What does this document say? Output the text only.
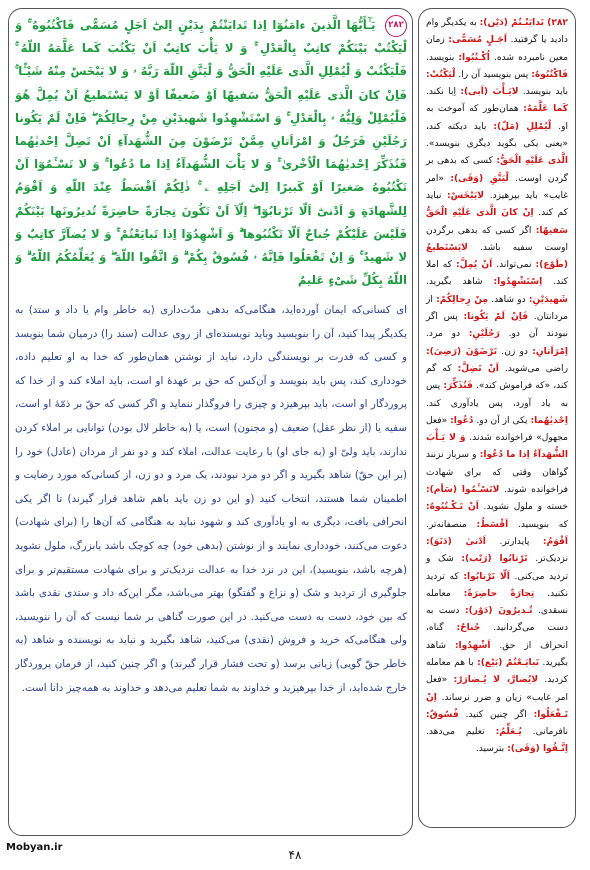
۲۸۲ یَـٰٓأَیُّهَا الَّذینَ ءامَنُوٓا اِذا تَدایَنْتُمْ بِدَیْنٍ اِلیٰٓ اَجَلٍ مُسَمًّی فَاکْتُبُوهُ ۚ وَ لْیَکْتُبْ بَیْنَکُمْ کاتِبٌ بِالْعَدْلِ ۚ وَ لا یَأْبَ کاتِبٌ اَنْ یَکْتُبَ کَما عَلَّمَهُ اللّهُ ۚ فَلْیَکْتُبْ وَ لْیُمْلِلِ الَّذی عَلَیْهِ الْحَقُّ وَ لْیَتَّقِ اللّهَ رَبَّهُ ۥ وَ لا یَبْخَسْ مِنْهُ شَیْـًٔا ۚ فَاِنْ کانَ الَّذی عَلَیْهِ الْحَقُّ سَفیهًا اَوْ ضَعیفًا اَوْ لا یَسْتَطیعُ اَنْ یُمِلَّ هُوَ فَلْیُمْلِلْ وَلِیُّهُ ۥ بِالْعَدْلِ ۚ وَ اسْتَشْهِدُوا شَهیدَیْنِ مِنْ رِجالِکُمْ ۖ فَاِنْ لَمْ یَکُونا رَجُلَیْنِ فَرَجُلٌ وَ امْرَاَتانِ مِمَّنْ تَرْضَوْنَ مِنَ الشُّهَدآءِ اَنْ تَضِلَّ اِحْدیٰهُما فَتُذَکِّرَ اِحْدیٰهُمَا الْاُخْریٰ ۚ وَ لا یَأْبَ الشُّهَدآءُ اِذا ما دُعُوا ۚ وَ لا تَسْـَٔمُوٓا اَنْ تَکْتُبُوهُ صَغیرًا اَوْ کَبیرًا اِلیٰٓ اَجَلِهِ ۦ ۚ ذٰلِکُمْ اَقْسَطُ عِنْدَ اللّهِ وَ اَقْوَمُ لِلشَّهادَةِ وَ اَدْنیٰٓ اَلّا تَرْتابُوٓا ۖ اِلّآ اَنْ تَکُونَ تِجارَةً حاضِرَةً تُدیرُونَها بَیْنَکُمْ فَلَیْسَ عَلَیْکُمْ جُناحٌ اَلّا تَکْتُبُوها ۗ وَ اَشْهِدُوٓا اِذا تَبایَعْتُمْ ۚ وَ لا یُضآرَّ کاتِبٌ وَ لا شَهیدٌ ۚ وَ اِنْ تَفْعَلُوا فَاِنَّهُ ۥ فُسُوقٌ بِکُمْ ۗ وَ اتَّقُوا اللّهَ ۖ وَ یُعَلِّمُکُمُ اللّهُ ۗ وَ اللّهُ بِکُلِّ شَیْءٍ عَلیمٌ
ای کسانی‌که ایمان آورده‌اید، هنگامی‌که بدهی مدّت‌داری (به خاطر وام یا داد و ستد) به یکدیگر پیدا کنید، آن را بنویسید وباید نویسنده‌ای از روی عدالت (سند را) درمیان شما بنویسد و کسی که قدرت بر نویسندگی دارد، نباید از نوشتن همان‌طور که خدا به او تعلیم داده، خودداری کند، پس باید بنویسد و آن‌کس که حق بر عهدهٔ او است، باید املاء کند و از خدا که پروردگار او است، باید بپرهیزد و چیزی را فروگذار ننماید و اگر کسی که حقّ بر ذمّهٔ او است، سفیه یا (از نظر عقل) ضعیف (و مجنون) است، یا (به خاطر لال بودن) توانایی بر املاء کردن ندارند، باید ولیّ او (به جای او) با رعایت عدالت، املاء کند و دو نفر از مردان (عادل) خود را (بر این حقّ) شاهد بگیرید و اگر دو مرد نبودند، یک مرد و دو زن، از کسانی‌که مورد رضایت و اطمینان شما هستند، انتخاب کنید (و این دو زن باید باهم شاهد قرار گیرند) تا اگر یکی انحرافی یافت، دیگری به او یادآوری کند و شهود نباید به هنگامی که آن‌ها را (برای شهادت) دعوت می‌کنند، خودداری نمایند و از نوشتن (بدهی خود) چه کوچک باشد یابزرگ، ملول نشوید (هرچه باشد، بنویسید)، این در نزد خدا به عدالت نزدیک‌تر و برای شهادت مستقیم‌تر و برای جلوگیری از تردید و شک (و نزاع و گفتگو) بهتر می‌باشد، مگر این‌که داد و ستدی نقدی باشد که بین خود، دست به دست می‌کنید. در این صورت گناهی بر شما نیست که آن را ننویسید، ولی هنگامی‌که خرید و فروش (نقدی) می‌کنید، شاهد بگیرید و نباید به نویسنده و شاهد (به خاطر حقّ گویی) زیانی برسد (و تحت فشار قرار گیرند) و اگر چنین کنید، از فرمان پروردگار خارج شده‌اید، از خدا بپرهیزید و خداوند به شما تعلیم می‌دهد و خداوند به همه‌چیز دانا است.
۲۸۲) تَدایَنْـتُمْ (دَیْن): به یکدیگر وام دادید یا گرفتید. اَجَـلٍ مُسَمًّی: زمان معین نامبرده شده. اُکْـتُبُوا: بنویسد. فَاکْتُبُوهُ: پس بنویسید آن را. لْیَکْتُبْ: باید بنویسد. لایَـأْبَ (اَبی): اِبا نکند. کَما عَلَّمَهُ: همان‌طور که آموخت به او. لْیُمْلِلِ (مَلّ): باید دیکته کند، «یعنی یکی بگوید دیگری بنویسد». الَّذی عَلَیْهِ الْحَقُّ: کسی که بدهی بر گردن اوست. لْیَتَّقِ (وَقَی): «امر غایب» باید بپرهیزد. لایَبْخَسْ: نباید کم کند. اِنْ کانَ الَّذی عَلَیْهِ الْحَقُّ سَفیهًا: اگر کسی که بدهی برگردن اوست سفیه باشد. لایَسْتَطیعُ (طَوْع): نمی‌تواند. اَنْ یُمِلَّ: که املا کند. اِسْتَشْهِدُوا: شاهد بگیرید. شَهیدَیْنِ: دو شاهد. مِنْ رِجالِکُمْ: از مردانتان. فَاِنْ لَمْ یَکُونا: پس اگر نبودند آن دو. رَجُلَیْنِ: دو مرد. اِمْرَاَتانِ: دو زن. تَرْضَوْنَ (رَضِیَ): راضی می‌شوید. اَنْ تَضِلَّ: که گم کند، «که فراموش کند». فَتُذَکِّرَ: پس به یاد آورد، پس یادآوری کند. اِحْدیٰهُما: یکی از آن دو. دُعُوا: «فعل مجهول» فراخوانده شدند. وَ لا یَـأْبَ الشُّهَدآءُ اِذا ما دُعُوا: و سرباز نزنند گواهان وقتی که برای شهادت فراخوانده شوند. لاتَسْـَٔمُوا (سَأم): خسته و ملول نشوید. اَنْ تَـکْـتُبُوهُ: که بنویسید. اَقْسَطُ: منصفانه‌تر. اَقْوَمُ: پایدارتر. اَدْنیٰ (دَنَوَ): نزدیک‌تر. تَرْتابُوا (رَیْب): شک و تردید می‌کنی. اَلّا تَرْتابُوا: که تردید نکنید. تِجارَةً حاضِرَةً: معامله نسقدی. تُـدیرُونَ (دَوْر): دست به دست می‌گردانید. جُناحٌ: گناه، انحراف از حق. اَشْهِدُوا: شاهد بگیرید. تَبایَـعْتُمْ (بَیْع): با هم معامله کردید. لایُضارَّ، لا یُـضارَرْ: «فعل امر غایب» زیان و ضرر نرساند. اِنْ تَـفْعَلُوا: اگر چنین کنید. فُسُوقٌ: نافرمانی. یُـعَلِّمُ: تعلیم می‌دهد. اِتَّـقُوا (وَقَی): بترسید.
Mobyan.ir
۴۸
